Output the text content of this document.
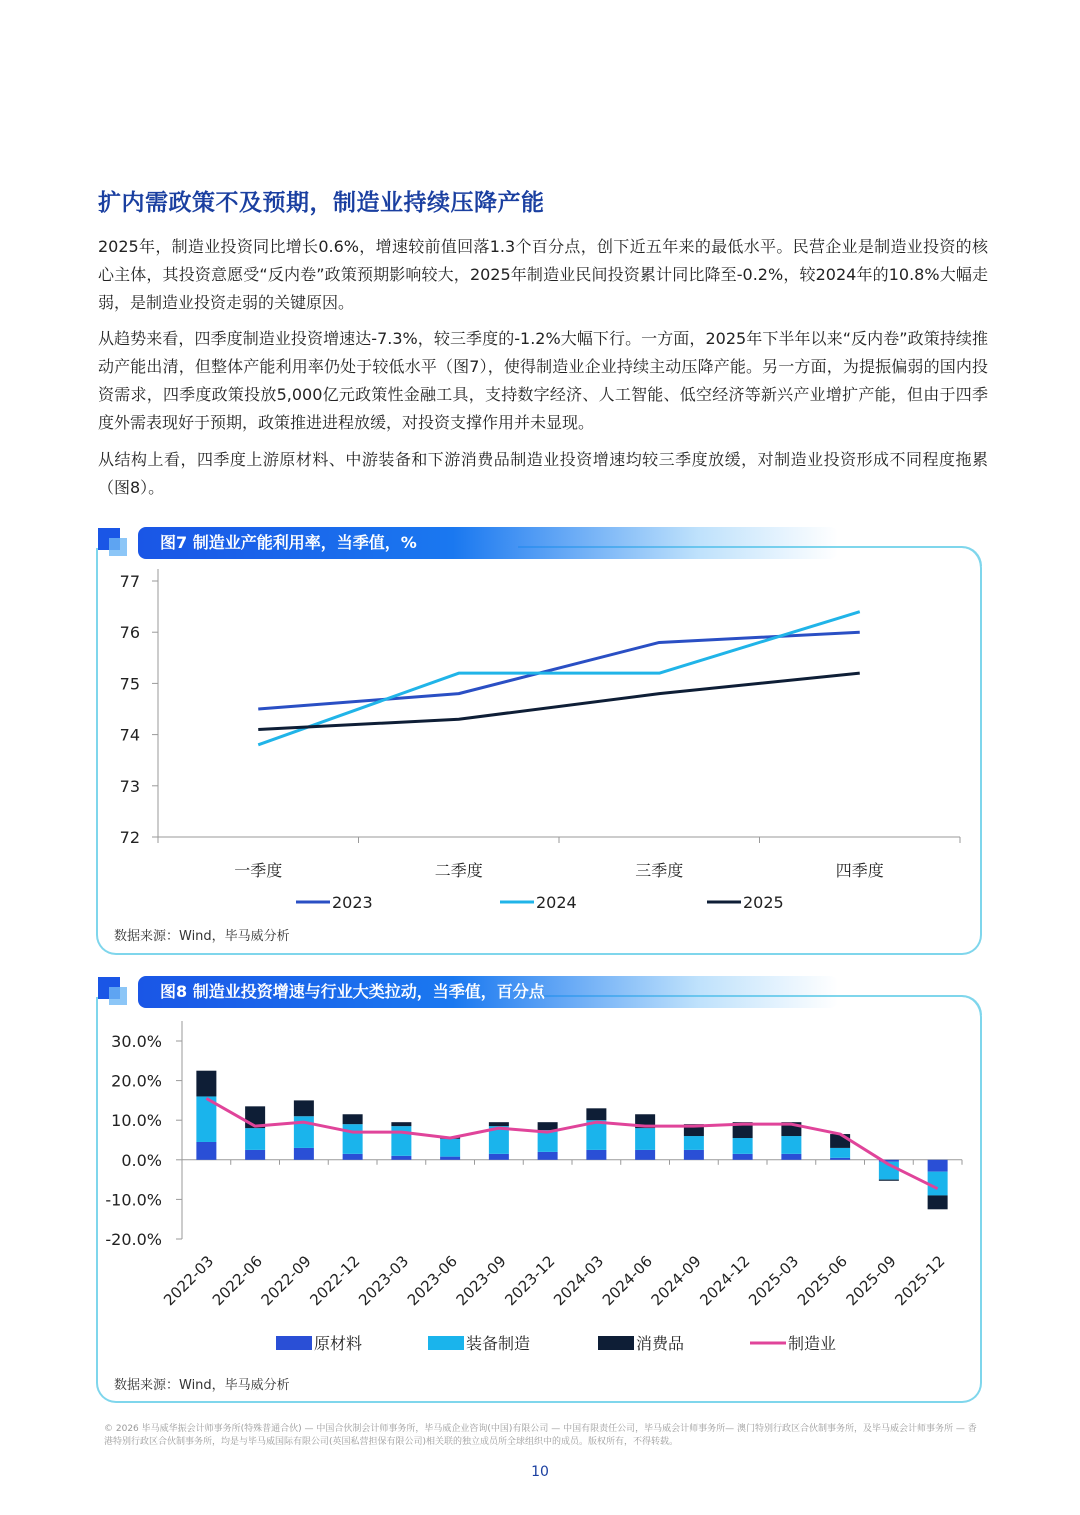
扩内需政策不及预期，制造业持续压降产能
2025年，制造业投资同比增长0.6%，增速较前值回落1.3个百分点，创下近五年来的最低水平。民营企业是制造业投资的核心主体，其投资意愿受“反内卷”政策预期影响较大，2025年制造业民间投资累计同比降至-0.2%，较2024年的10.8%大幅走弱，是制造业投资走弱的关键原因。
从趋势来看，四季度制造业投资增速达-7.3%，较三季度的-1.2%大幅下行。一方面，2025年下半年以来“反内卷”政策持续推动产能出清，但整体产能利用率仍处于较低水平（图7），使得制造业企业持续主动压降产能。另一方面，为提振偏弱的国内投资需求，四季度政策投放5,000亿元政策性金融工具，支持数字经济、人工智能、低空经济等新兴产业增扩产能，但由于四季度外需表现好于预期，政策推进进程放缓，对投资支撑作用并未显现。
从结构上看，四季度上游原材料、中游装备和下游消费品制造业投资增速均较三季度放缓，对制造业投资形成不同程度拖累（图8）。
图7 制造业产能利用率，当季值，%
数据来源：Wind，毕马威分析
图8 制造业投资增速与行业大类拉动，当季值，百分点
数据来源：Wind，毕马威分析
72
73
74
75
76
77
一季度	二季度	三季度	四季度
2023	2024	2025
-20.0%
-10.0%
0.0%
10.0%
20.0%
30.0%
2022-03
2022-06
2022-09
2022-12
2023-03
2023-06
2023-09
2023-12
2024-03
2024-06
2024-09
2024-12
2025-03
2025-06
2025-09
2025-12
原材料	装备制造	消费品	制造业
© 2026 毕马威华振会计师事务所(特殊普通合伙) — 中国合伙制会计师事务所，毕马威企业咨询(中国)有限公司 — 中国有限责任公司，毕马威会计师事务所— 澳门特别行政区合伙制事务所，及毕马威会计师事务所 — 香港特别行政区合伙制事务所，均是与毕马威国际有限公司(英国私营担保有限公司)相关联的独立成员所全球组织中的成员。版权所有，不得转载。
10
